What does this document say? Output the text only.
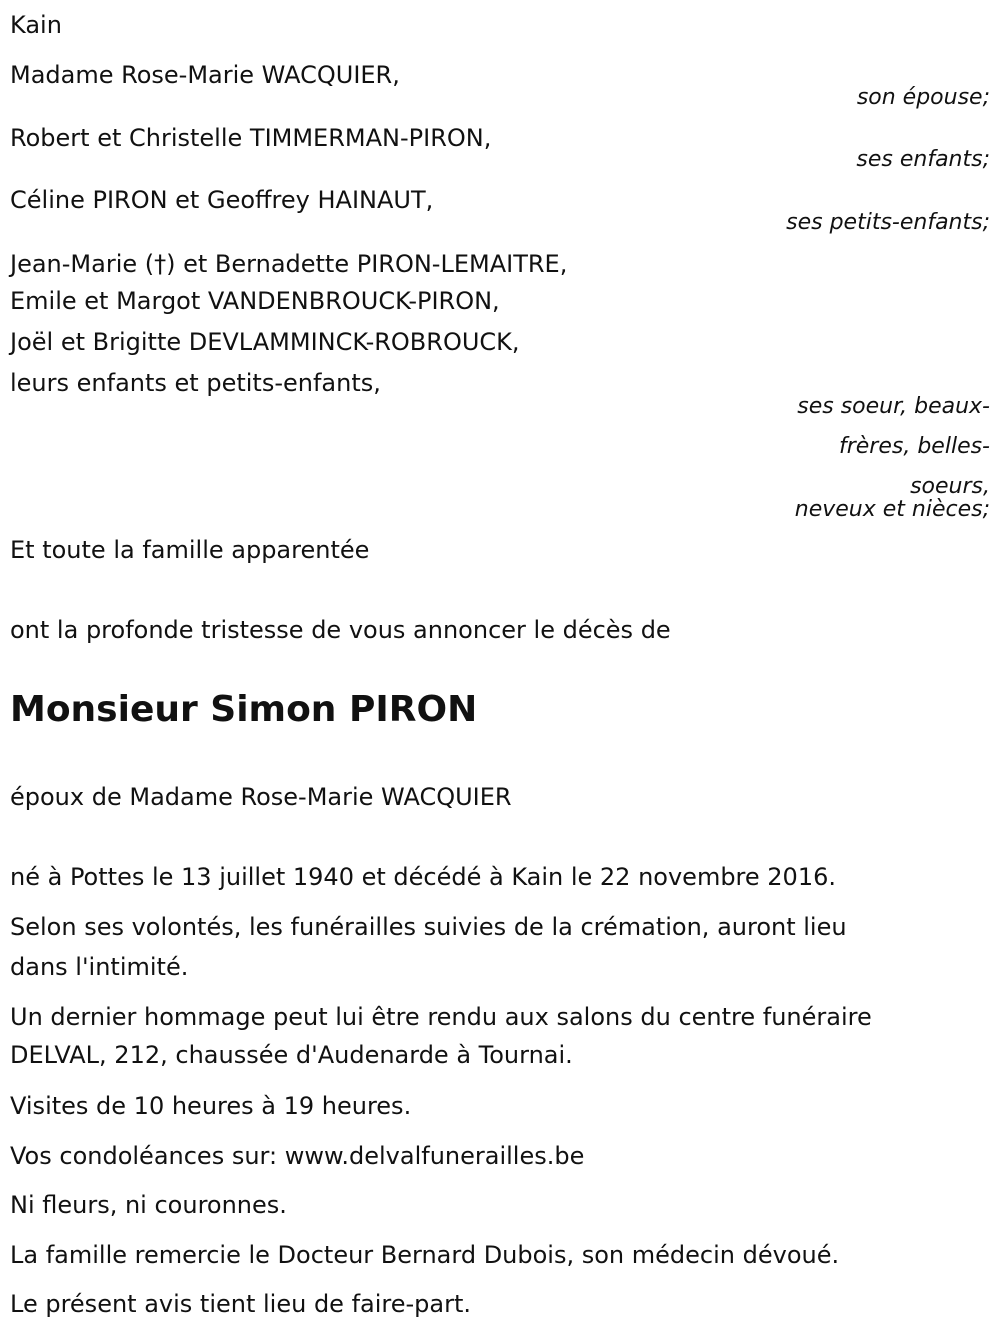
Kain
Madame Rose-Marie WACQUIER,
son épouse;
Robert et Christelle TIMMERMAN-PIRON,
ses enfants;
Céline PIRON et Geoffrey HAINAUT,
ses petits-enfants;
Jean-Marie (†) et Bernadette PIRON-LEMAITRE,
Emile et Margot VANDENBROUCK-PIRON,
Joël et Brigitte DEVLAMMINCK-ROBROUCK,
leurs enfants et petits-enfants,
ses soeur, beaux-
frères, belles-
soeurs,
neveux et nièces;
Et toute la famille apparentée
ont la profonde tristesse de vous annoncer le décès de
Monsieur Simon PIRON
époux de Madame Rose-Marie WACQUIER
né à Pottes le 13 juillet 1940 et décédé à Kain le 22 novembre 2016.
Selon ses volontés, les funérailles suivies de la crémation, auront lieu
dans l'intimité.
Un dernier hommage peut lui être rendu aux salons du centre funéraire
DELVAL, 212, chaussée d'Audenarde à Tournai.
Visites de 10 heures à 19 heures.
Vos condoléances sur: www.delvalfunerailles.be
Ni fleurs, ni couronnes.
La famille remercie le Docteur Bernard Dubois, son médecin dévoué.
Le présent avis tient lieu de faire-part.
